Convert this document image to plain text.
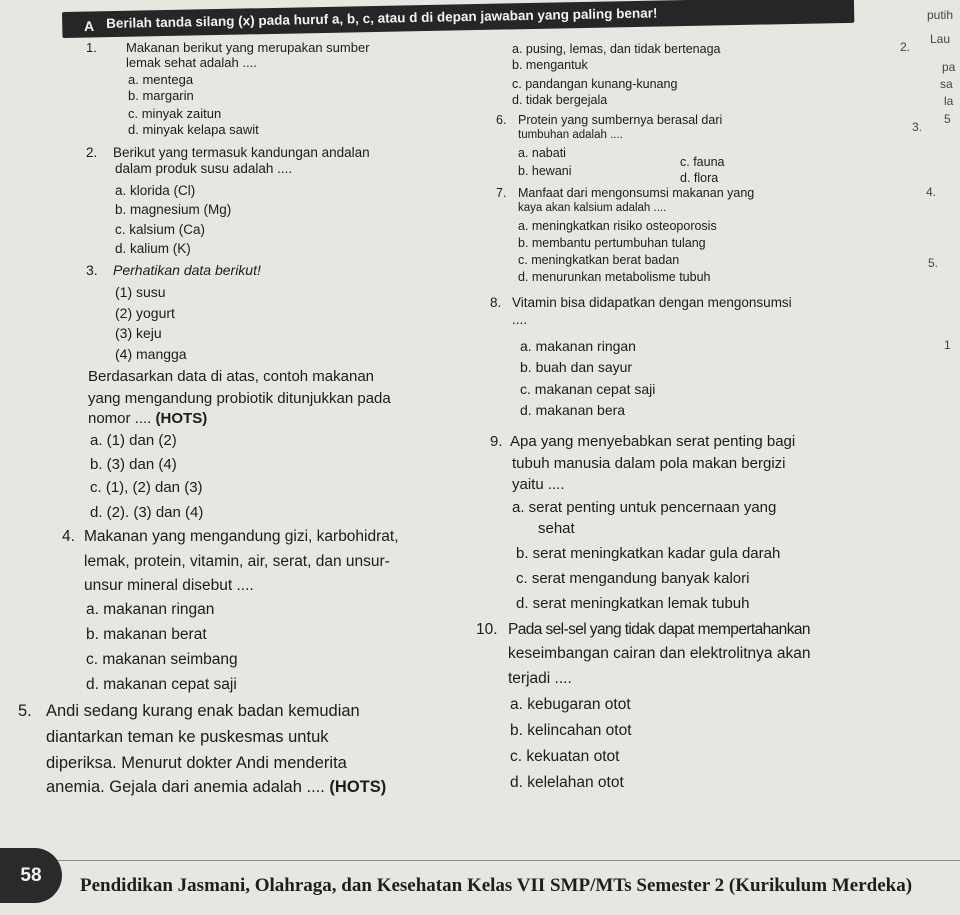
A Berilah tanda silang (x) pada huruf a, b, c, atau d di depan jawaban yang paling benar!	putih
Lau
2.
pa
sa
la
3.
5
4.
5.
1
1. Makanan berikut yang merupakan sumber
lemak sehat adalah ....
a. mentega
b. margarin
c. minyak zaitun
d. minyak kelapa sawit
2. Berikut yang termasuk kandungan andalan
dalam produk susu adalah ....
a. klorida (Cl)
b. magnesium (Mg)
c. kalsium (Ca)
d. kalium (K)
3. Perhatikan data berikut!
(1) susu
(2) yogurt
(3) keju
(4) mangga
Berdasarkan data di atas, contoh makanan
yang mengandung probiotik ditunjukkan pada
nomor .... (HOTS)
a. (1) dan (2)
b. (3) dan (4)
c. (1), (2) dan (3)
d. (2). (3) dan (4)
4. Makanan yang mengandung gizi, karbohidrat,
lemak, protein, vitamin, air, serat, dan unsur-
unsur mineral disebut ....
a. makanan ringan
b. makanan berat
c. makanan seimbang
d. makanan cepat saji
5. Andi sedang kurang enak badan kemudian
diantarkan teman ke puskesmas untuk
diperiksa. Menurut dokter Andi menderita
anemia. Gejala dari anemia adalah .... (HOTS)
a. pusing, lemas, dan tidak bertenaga
b. mengantuk
c. pandangan kunang-kunang
d. tidak bergejala
6. Protein yang sumbernya berasal dari
tumbuhan adalah ....
a. nabati
b. hewani
c. fauna
d. flora
7. Manfaat dari mengonsumsi makanan yang
kaya akan kalsium adalah ....
a. meningkatkan risiko osteoporosis
b. membantu pertumbuhan tulang
c. meningkatkan berat badan
d. menurunkan metabolisme tubuh
8. Vitamin bisa didapatkan dengan mengonsumsi
....
a. makanan ringan
b. buah dan sayur
c. makanan cepat saji
d. makanan bera
9. Apa yang menyebabkan serat penting bagi
tubuh manusia dalam pola makan bergizi
yaitu ....
a. serat penting untuk pencernaan yang
sehat
b. serat meningkatkan kadar gula darah
c. serat mengandung banyak kalori
d. serat meningkatkan lemak tubuh
10. Pada sel-sel yang tidak dapat mempertahankan
keseimbangan cairan dan elektrolitnya akan
terjadi ....
a. kebugaran otot
b. kelincahan otot
c. kekuatan otot
d. kelelahan otot
58	Pendidikan Jasmani, Olahraga, dan Kesehatan Kelas VII SMP/MTs Semester 2 (Kurikulum Merdeka)
